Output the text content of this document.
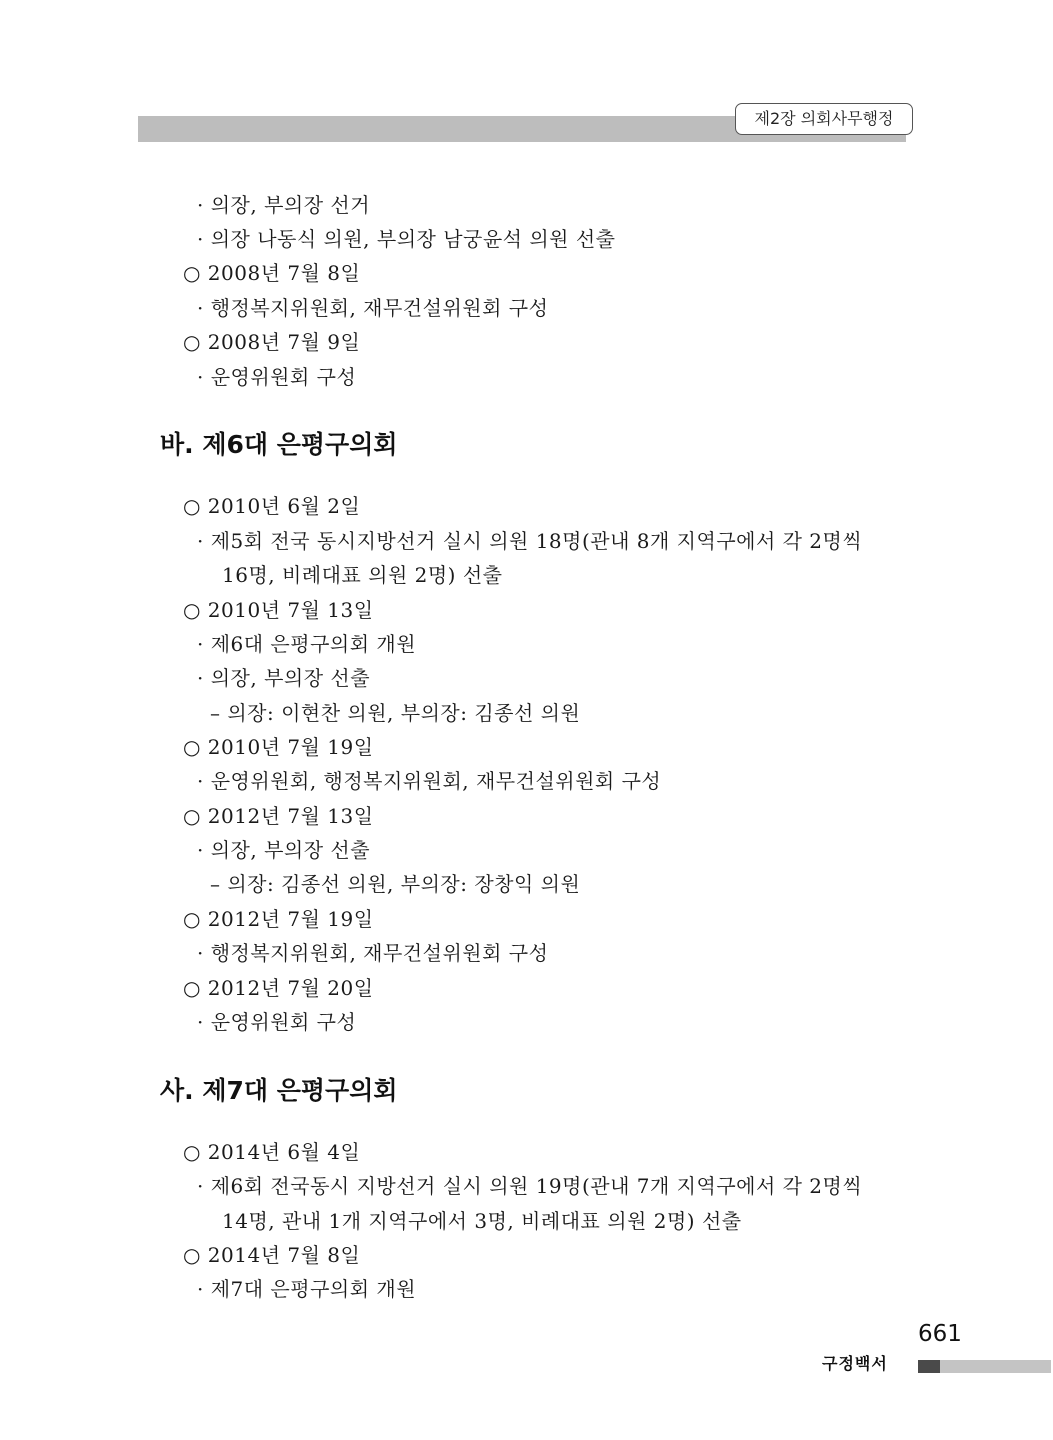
제2장 의회사무행정
· 의장, 부의장 선거
· 의장 나동식 의원, 부의장 남궁윤석 의원 선출
○ 2008년 7월 8일
· 행정복지위원회, 재무건설위원회 구성
○ 2008년 7월 9일
· 운영위원회 구성
바. 제6대 은평구의회
○ 2010년 6월 2일
· 제5회 전국 동시지방선거 실시 의원 18명(관내 8개 지역구에서 각 2명씩
16명, 비례대표 의원 2명) 선출
○ 2010년 7월 13일
· 제6대 은평구의회 개원
· 의장, 부의장 선출
– 의장: 이현찬 의원, 부의장: 김종선 의원
○ 2010년 7월 19일
· 운영위원회, 행정복지위원회, 재무건설위원회 구성
○ 2012년 7월 13일
· 의장, 부의장 선출
– 의장: 김종선 의원, 부의장: 장창익 의원
○ 2012년 7월 19일
· 행정복지위원회, 재무건설위원회 구성
○ 2012년 7월 20일
· 운영위원회 구성
사. 제7대 은평구의회
○ 2014년 6월 4일
· 제6회 전국동시 지방선거 실시 의원 19명(관내 7개 지역구에서 각 2명씩
14명, 관내 1개 지역구에서 3명, 비례대표 의원 2명) 선출
○ 2014년 7월 8일
· 제7대 은평구의회 개원
661
구정백서
